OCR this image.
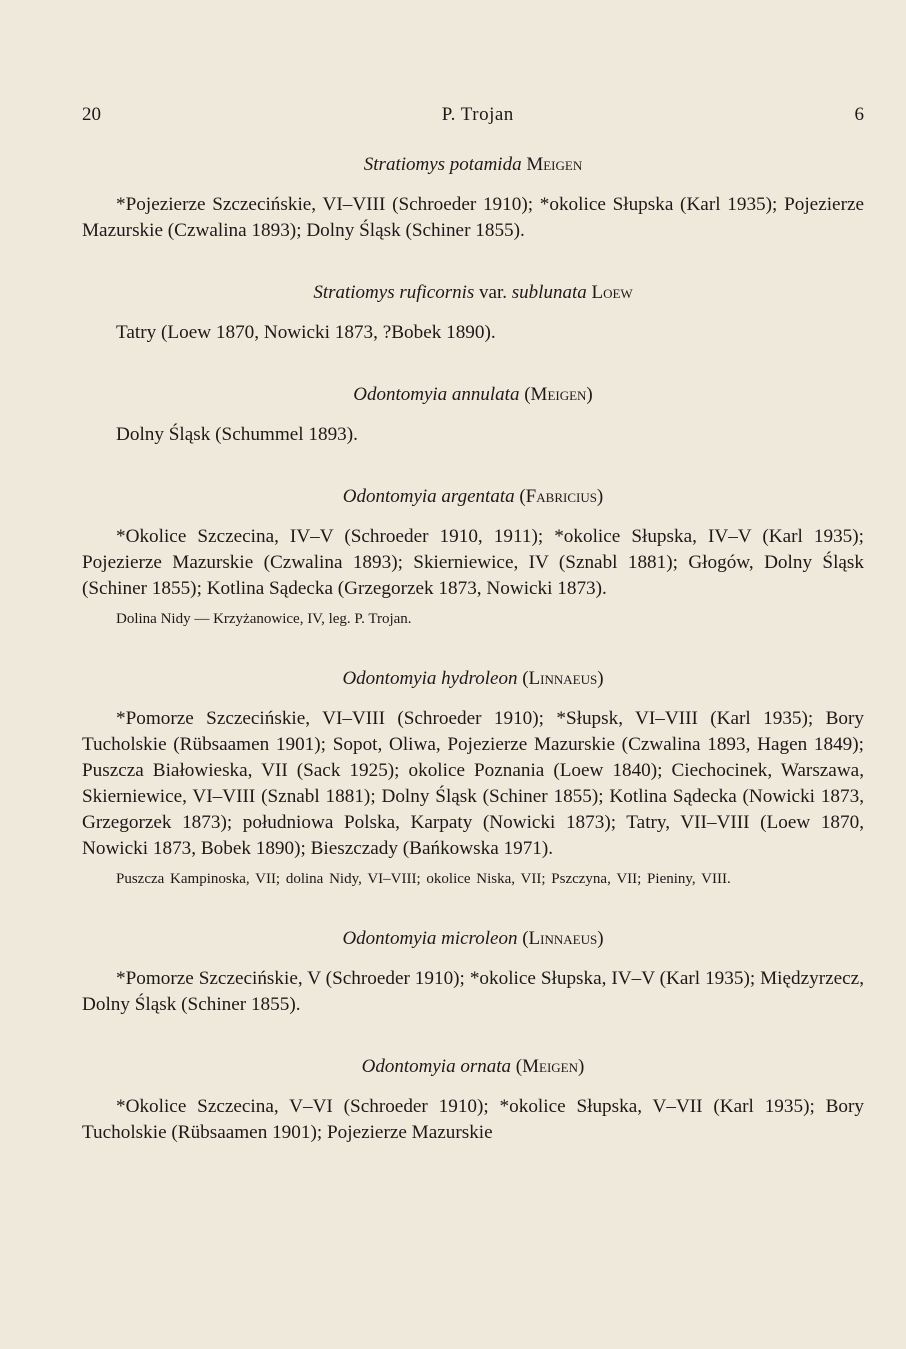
20	P. Trojan	6
Stratiomys potamida Meigen

*Pojezierze Szczecińskie, VI–VIII (Schroeder 1910); *okolice Słupska (Karl 1935); Pojezierze Mazurskie (Czwalina 1893); Dolny Śląsk (Schiner 1855).

Stratiomys ruficornis var. sublunata Loew

Tatry (Loew 1870, Nowicki 1873, ?Bobek 1890).

Odontomyia annulata (Meigen)

Dolny Śląsk (Schummel 1893).

Odontomyia argentata (Fabricius)

*Okolice Szczecina, IV–V (Schroeder 1910, 1911); *okolice Słupska, IV–V (Karl 1935); Pojezierze Mazurskie (Czwalina 1893); Skierniewice, IV (Sznabl 1881); Głogów, Dolny Śląsk (Schiner 1855); Kotlina Sądecka (Grzegorzek 1873, Nowicki 1873).

Dolina Nidy — Krzyżanowice, IV, leg. P. Trojan.

Odontomyia hydroleon (Linnaeus)

*Pomorze Szczecińskie, VI–VIII (Schroeder 1910); *Słupsk, VI–VIII (Karl 1935); Bory Tucholskie (Rübsaamen 1901); Sopot, Oliwa, Pojezierze Mazurskie (Czwalina 1893, Hagen 1849); Puszcza Białowieska, VII (Sack 1925); okolice Poznania (Loew 1840); Ciechocinek, Warszawa, Skierniewice, VI–VIII (Sznabl 1881); Dolny Śląsk (Schiner 1855); Kotlina Sądecka (Nowicki 1873, Grzegorzek 1873); południowa Polska, Karpaty (Nowicki 1873); Tatry, VII–VIII (Loew 1870, Nowicki 1873, Bobek 1890); Bieszczady (Bańkowska 1971).

Puszcza Kampinoska, VII; dolina Nidy, VI–VIII; okolice Niska, VII; Pszczyna, VII; Pieniny, VIII.

Odontomyia microleon (Linnaeus)

*Pomorze Szczecińskie, V (Schroeder 1910); *okolice Słupska, IV–V (Karl 1935); Międzyrzecz, Dolny Śląsk (Schiner 1855).

Odontomyia ornata (Meigen)

*Okolice Szczecina, V–VI (Schroeder 1910); *okolice Słupska, V–VII (Karl 1935); Bory Tucholskie (Rübsaamen 1901); Pojezierze Mazurskie
